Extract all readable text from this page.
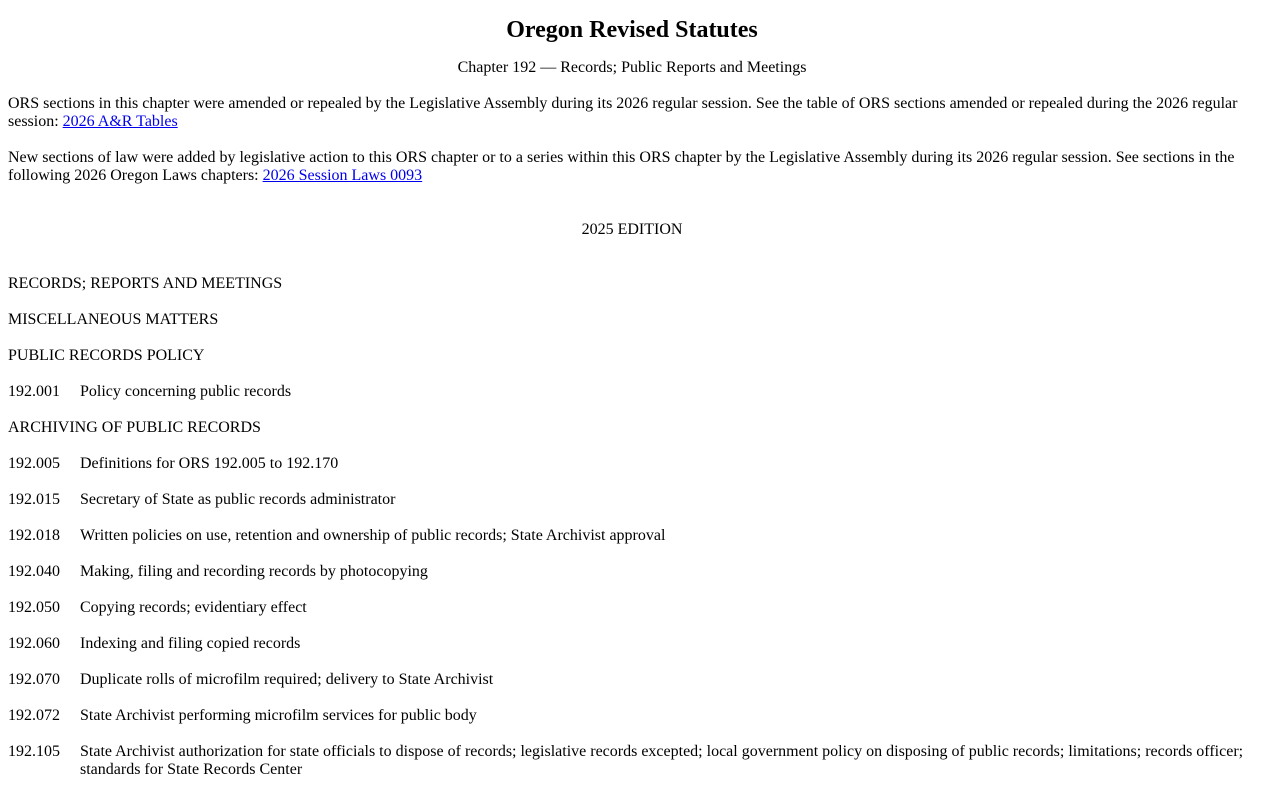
Oregon Revised Statutes

Chapter 192 — Records; Public Reports and Meetings

ORS sections in this chapter were amended or repealed by the Legislative Assembly during its 2026 regular session. See the table of ORS sections amended or repealed during the 2026 regular session: 2026 A&R Tables

New sections of law were added by legislative action to this ORS chapter or to a series within this ORS chapter by the Legislative Assembly during its 2026 regular session. See sections in the following 2026 Oregon Laws chapters: 2026 Session Laws 0093

RECORDS; REPORTS AND MEETINGS

MISCELLANEOUS MATTERS

PUBLIC RECORDS POLICY

192.001	Policy concerning public records

ARCHIVING OF PUBLIC RECORDS

192.005	Definitions for ORS 192.005 to 192.170

192.015	Secretary of State as public records administrator

192.018	Written policies on use, retention and ownership of public records; State Archivist approval

192.040	Making, filing and recording records by photocopying

192.050	Copying records; evidentiary effect

192.060	Indexing and filing copied records

192.070	Duplicate rolls of microfilm required; delivery to State Archivist

192.072	State Archivist performing microfilm services for public body

192.105	State Archivist authorization for state officials to dispose of records; legislative records excepted; local government policy on disposing of public records; limitations; records officer; standards for State Records Center

2025 EDITION
